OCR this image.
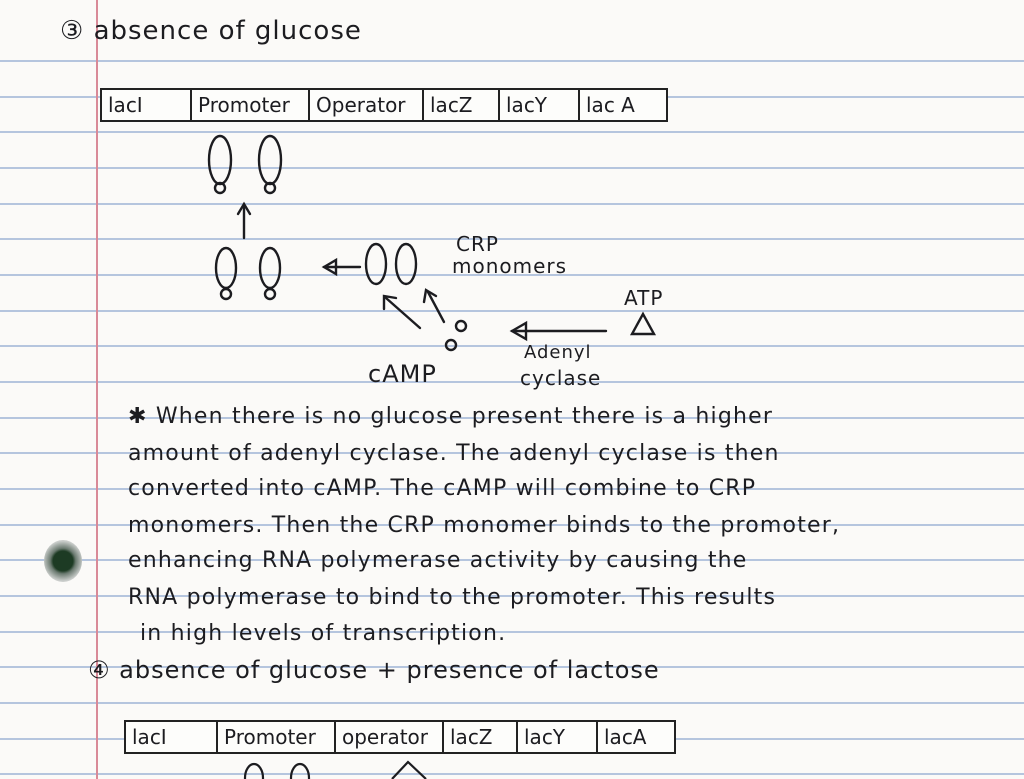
③ absence of glucose
lacI	Promoter	Operator	lacZ	lacY	lac A
CRP
monomers
ATP
cAMP
Adenyl
cyclase
✱ When there is no glucose present there is a higher
amount of adenyl cyclase. The adenyl cyclase is then
converted into cAMP. The cAMP will combine to CRP
monomers. Then the CRP monomer binds to the promoter,
enhancing RNA polymerase activity by causing the
RNA polymerase to bind to the promoter. This results
in high levels of transcription.
④ absence of glucose + presence of lactose
lacI	Promoter	operator	lacZ	lacY	lacA
